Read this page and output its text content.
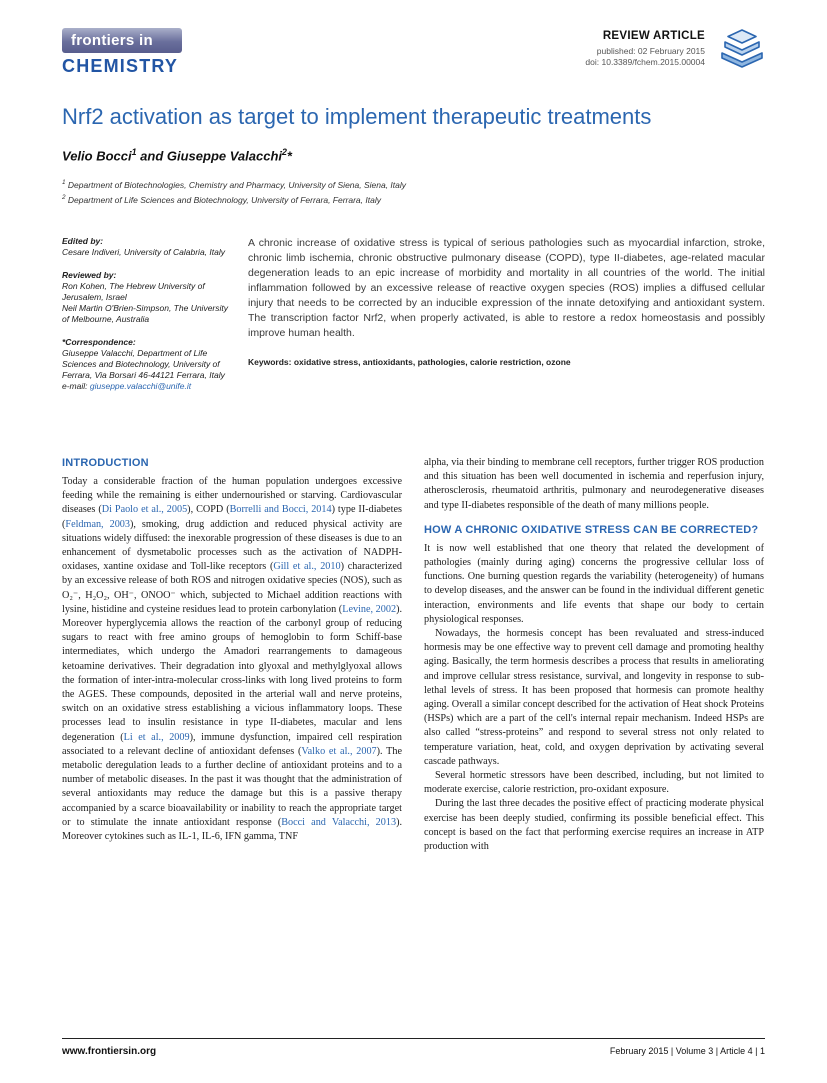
frontiers in
CHEMISTRY
REVIEW ARTICLE
published: 02 February 2015
doi: 10.3389/fchem.2015.00004
Nrf2 activation as target to implement therapeutic treatments
Velio Bocci$^1$ and Giuseppe Valacchi$^2$*
$^1$ Department of Biotechnologies, Chemistry and Pharmacy, University of Siena, Siena, Italy
$^2$ Department of Life Sciences and Biotechnology, University of Ferrara, Ferrara, Italy
Edited by:
Cesare Indiveri, University of Calabria, Italy
Reviewed by:
Ron Kohen, The Hebrew University of Jerusalem, Israel
Neil Martin O'Brien-Simpson, The University of Melbourne, Australia
*Correspondence:
Giuseppe Valacchi, Department of Life Sciences and Biotechnology, University of Ferrara, Via Borsari 46-44121 Ferrara, Italy
e-mail: giuseppe.valacchi@unife.it

A chronic increase of oxidative stress is typical of serious pathologies such as myocardial infarction, stroke, chronic limb ischemia, chronic obstructive pulmonary disease (COPD), type II-diabetes, age-related macular degeneration leads to an epic increase of morbidity and mortality in all countries of the world. The initial inflammation followed by an excessive release of reactive oxygen species (ROS) implies a diffused cellular injury that needs to be corrected by an inducible expression of the innate detoxifying and antioxidant system. The transcription factor Nrf2, when properly activated, is able to restore a redox homeostasis and possibly improve human health.

Keywords: oxidative stress, antioxidants, pathologies, calorie restriction, ozone

INTRODUCTION

Today a considerable fraction of the human population undergoes excessive feeding while the remaining is either undernourished or starving. Cardiovascular diseases (Di Paolo et al., 2005), COPD (Borrelli and Bocci, 2014) type II-diabetes (Feldman, 2003), smoking, drug addiction and reduced physical activity are situations widely diffused: the inexorable progression of these diseases is due to an enhancement of dysmetabolic processes such as the activation of NADPH-oxidases, xantine oxidase and Toll-like receptors (Gill et al., 2010) characterized by an excessive release of both ROS and nitrogen oxidative species (NOS), such as O₂⁻, H₂O₂, OH⁻, ONOO⁻ which, subjected to Michael addition reactions with lysine, histidine and cysteine residues lead to protein carbonylation (Levine, 2002). Moreover hyperglycemia allows the reaction of the carbonyl group of reducing sugars to react with free amino groups of hemoglobin to form Schiff-base intermediates, which undergo the Amadori rearrangements to damageous ketoamine derivatives. Their degradation into glyoxal and methylglyoxal allows the formation of inter-intra-molecular cross-links with long lived proteins to form the AGES. These compounds, deposited in the arterial wall and nerve proteins, switch on an oxidative stress establishing a vicious inflammatory loops. These processes lead to insulin resistance in type II-diabetes, macular and lens degeneration (Li et al., 2009), immune dysfunction, impaired cell respiration associated to a relevant decline of antioxidant defenses (Valko et al., 2007). The metabolic deregulation leads to a further decline of antioxidant proteins and to a number of metabolic diseases. In the past it was thought that the administration of several antioxidants may reduce the damage but this is a passive therapy accompanied by a scarce bioavailability or inability to reach the appropriate target or to stimulate the innate antioxidant response (Bocci and Valacchi, 2013). Moreover cytokines such as IL-1, IL-6, IFN gamma, TNF

alpha, via their binding to membrane cell receptors, further trigger ROS production and this situation has been well documented in ischemia and reperfusion injury, atherosclerosis, rheumatoid arthritis, pulmonary and neurodegenerative diseases and type II-diabetes responsible of the death of many millions people.

HOW A CHRONIC OXIDATIVE STRESS CAN BE CORRECTED?

It is now well established that one theory that related the development of pathologies (mainly during aging) concerns the progressive cellular loss of functions. One burning question regards the variability (heterogeneity) of humans to develop diseases, and the answer can be found in the individual different genetic interaction, environments and life events that shape our body to certain physiological responses.

Nowadays, the hormesis concept has been revaluated and stress-induced hormesis may be one effective way to prevent cell damage and promoting healthy aging. Basically, the term hormesis describes a process that results in ameliorating and improve cellular stress resistance, survival, and longevity in response to sub-lethal levels of stress. It has been proposed that hormesis can promote healthy aging. Overall a similar concept described for the activation of Heat shock Proteins (HSPs) which are a part of the cell's internal repair mechanism. Indeed HSPs are also called “stress-proteins” and respond to several stress not only related to temperature variation, heat, cold, and oxygen deprivation by activating several cascade pathways.

Several hormetic stressors have been described, including, but not limited to moderate exercise, calorie restriction, pro-oxidant exposure.

During the last three decades the positive effect of practicing moderate physical exercise has been deeply studied, confirming its possible beneficial effect. This concept is based on the fact that performing exercise requires an increase in ATP production with

www.frontiersin.org	February 2015 | Volume 3 | Article 4 | 1
